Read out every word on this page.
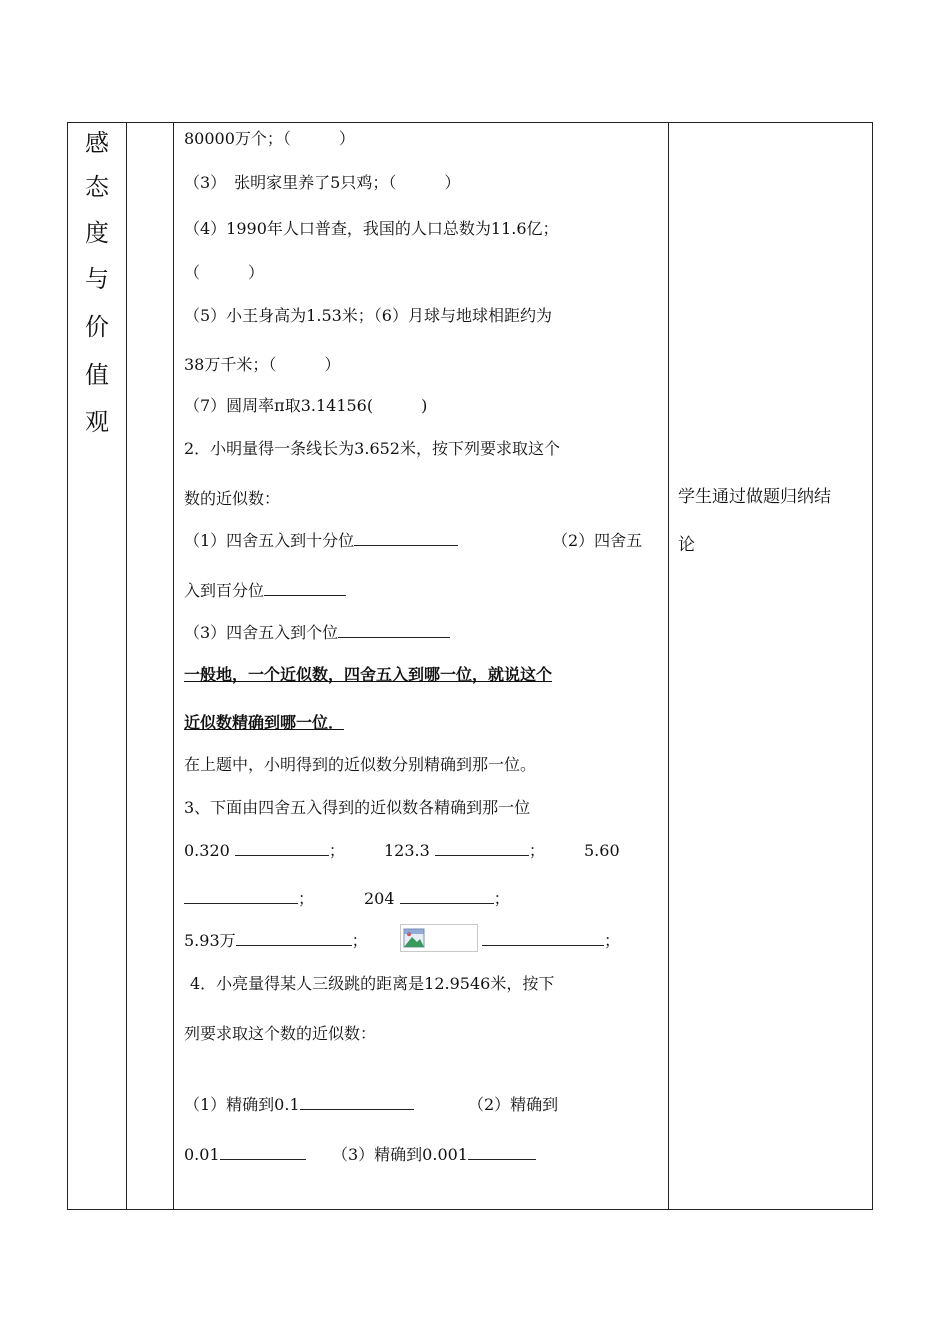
感
态
度
与
价
值
观
80000万个；（　　　）
（3）　张明家里养了5只鸡；（　　　）
（4）1990年人口普查，我国的人口总数为11.6亿；
（　　　）
（5）小王身高为1.53米；（6）月球与地球相距约为
38万千米；（　　　）
（7）圆周率π取3.14156(　　　)
2．小明量得一条线长为3.652米，按下列要求取这个
数的近似数：
（1）四舍五入到十分位	（2）四舍五
入到百分位
（3）四舍五入到个位
一般地，一个近似数，四舍五入到哪一位，就说这个
近似数精确到哪一位．
在上题中，小明得到的近似数分别精确到那一位。
3、下面由四舍五入得到的近似数各精确到那一位
0.320	； 123.3	； 5.60
；	204	；
5.93万	；	；
4．小亮量得某人三级跳的距离是12.9546米，按下
列要求取这个数的近似数：
（1）精确到0.1	（2）精确到
0.01	（3）精确到0.001
学生通过做题归纳结
论
